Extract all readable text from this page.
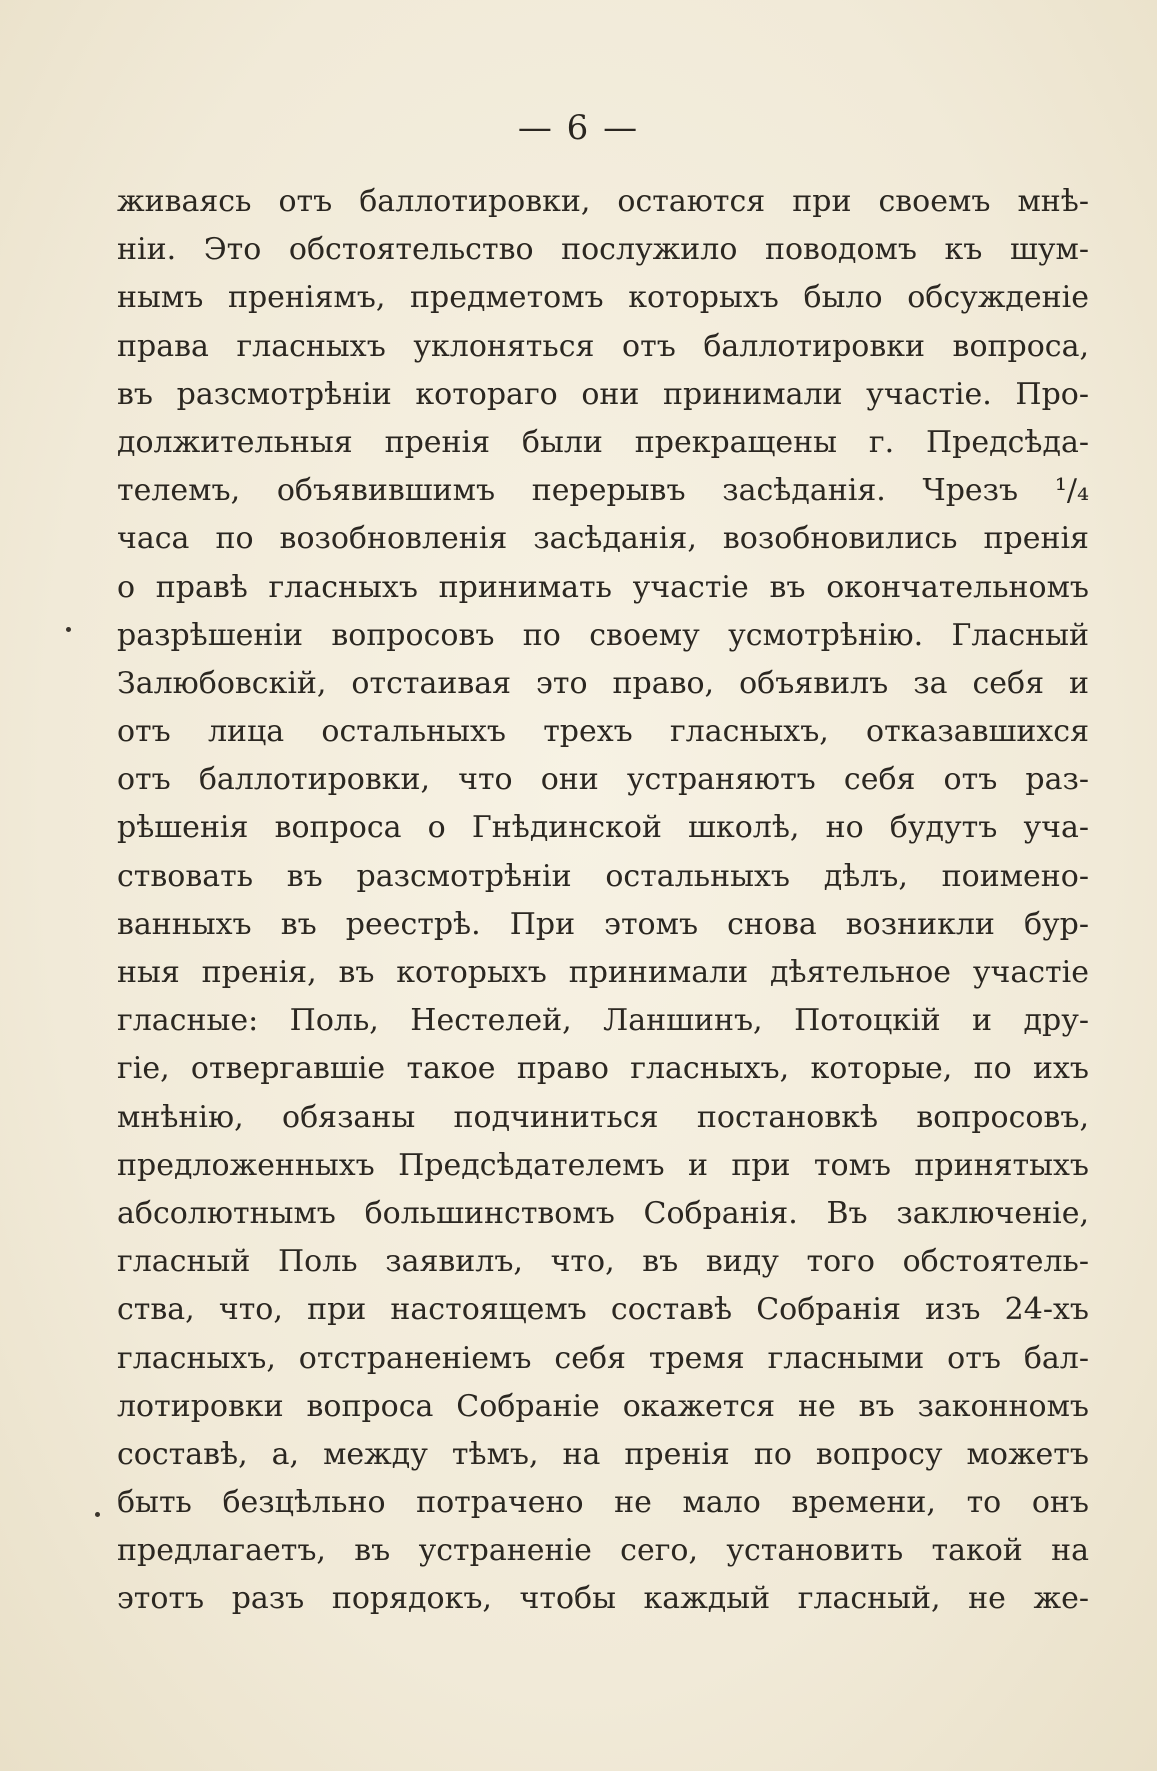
— 6 —
живаясь отъ баллотировки, остаются при своемъ мнѣ-
ніи. Это обстоятельство послужило поводомъ къ шум-
нымъ преніямъ, предметомъ которыхъ было обсужденіе
права гласныхъ уклоняться отъ баллотировки вопроса,
въ разсмотрѣніи котораго они принимали участіе. Про-
должительныя пренія были прекращены г. Предсѣда-
телемъ, объявившимъ перерывъ засѣданія. Чрезъ ¹/₄
часа по возобновленія засѣданія, возобновились пренія
о правѣ гласныхъ принимать участіе въ окончательномъ
разрѣшеніи вопросовъ по своему усмотрѣнію. Гласный
Залюбовскій, отстаивая это право, объявилъ за себя и
отъ лица остальныхъ трехъ гласныхъ, отказавшихся
отъ баллотировки, что они устраняютъ себя отъ раз-
рѣшенія вопроса о Гнѣдинской школѣ, но будутъ уча-
ствовать въ разсмотрѣніи остальныхъ дѣлъ, поимено-
ванныхъ въ реестрѣ. При этомъ снова возникли бур-
ныя пренія, въ которыхъ принимали дѣятельное участіе
гласные: Поль, Нестелей, Ланшинъ, Потоцкій и дру-
гіе, отвергавшіе такое право гласныхъ, которые, по ихъ
мнѣнію, обязаны подчиниться постановкѣ вопросовъ,
предложенныхъ Предсѣдателемъ и при томъ принятыхъ
абсолютнымъ большинствомъ Собранія. Въ заключеніе,
гласный Поль заявилъ, что, въ виду того обстоятель-
ства, что, при настоящемъ составѣ Собранія изъ 24-хъ
гласныхъ, отстраненіемъ себя тремя гласными отъ бал-
лотировки вопроса Собраніе окажется не въ законномъ
составѣ, а, между тѣмъ, на пренія по вопросу можетъ
быть безцѣльно потрачено не мало времени, то онъ
предлагаетъ, въ устраненіе сего, установить такой на
этотъ разъ порядокъ, чтобы каждый гласный, не же-
